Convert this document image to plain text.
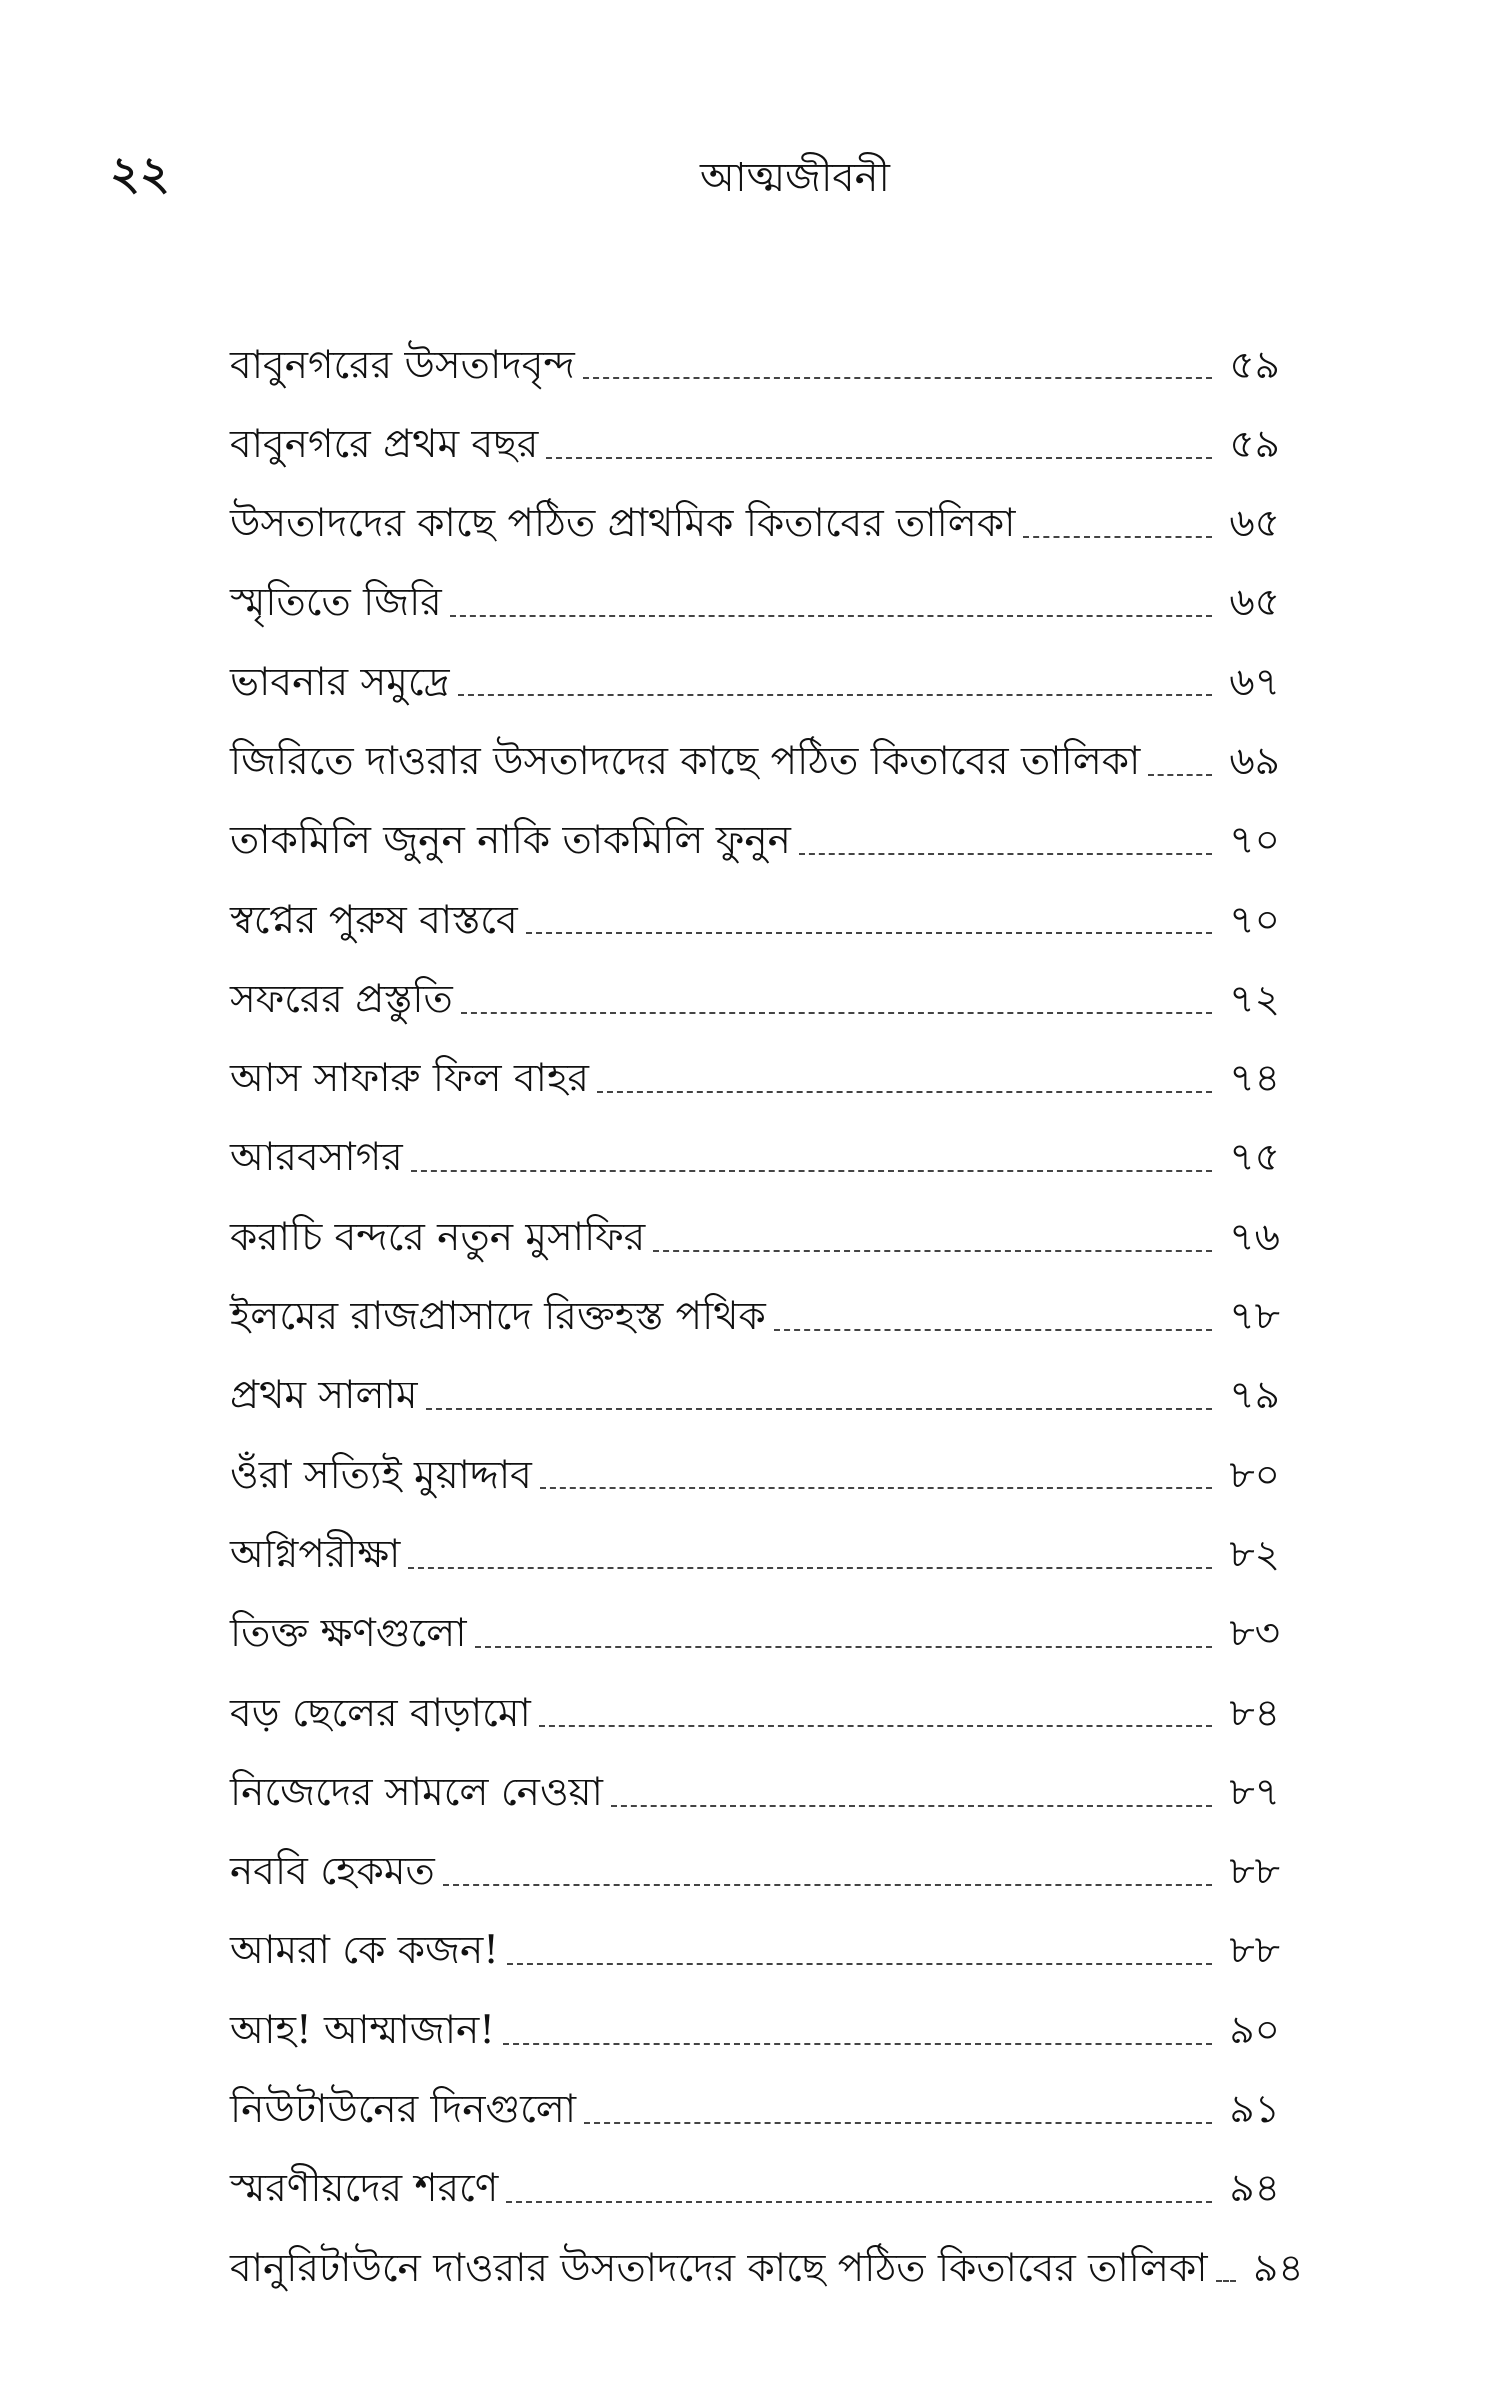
২২	আত্মজীবনী
বাবুনগরের উসতাদবৃন্দ	৫৯
বাবুনগরে প্রথম বছর	৫৯
উসতাদদের কাছে পঠিত প্রাথমিক কিতাবের তালিকা	৬৫
স্মৃতিতে জিরি	৬৫
ভাবনার সমুদ্রে	৬৭
জিরিতে দাওরার উসতাদদের কাছে পঠিত কিতাবের তালিকা ৬৯
তাকমিলি জুনুন নাকি তাকমিলি ফুনুন	৭০
স্বপ্নের পুরুষ বাস্তবে	৭০
সফরের প্রস্তুতি	৭২
আস সাফারু ফিল বাহর	৭৪
আরবসাগর	৭৫
করাচি বন্দরে নতুন মুসাফির	৭৬
ইলমের রাজপ্রাসাদে রিক্তহস্ত পথিক	৭৮
প্রথম সালাম	৭৯
ওঁরা সত্যিই মুয়াদ্দাব	৮০
অগ্নিপরীক্ষা	৮২
তিক্ত ক্ষণগুলো	৮৩
বড় ছেলের বাড়ামো	৮৪
নিজেদের সামলে নেওয়া	৮৭
নববি হেকমত	৮৮
আমরা কে কজন!	৮৮
আহ! আম্মাজান!	৯০
নিউটাউনের দিনগুলো	৯১
স্মরণীয়দের শরণে	৯৪
বানুরিটাউনে দাওরার উসতাদদের কাছে পঠিত কিতাবের তালিকা ৯৪
